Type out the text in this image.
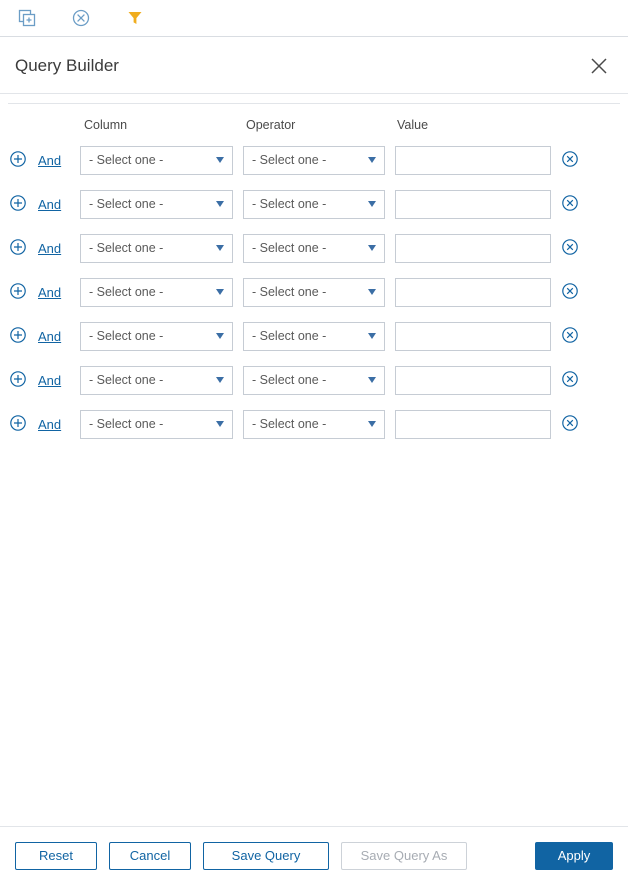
Query Builder
Column	Operator	Value
And - Select one -	- Select one -
And - Select one -	- Select one -
And - Select one -	- Select one -
And - Select one -	- Select one -
And - Select one -	- Select one -
And - Select one -	- Select one -
And - Select one -	- Select one -
Reset	Cancel	Save Query	Save Query As	Apply
